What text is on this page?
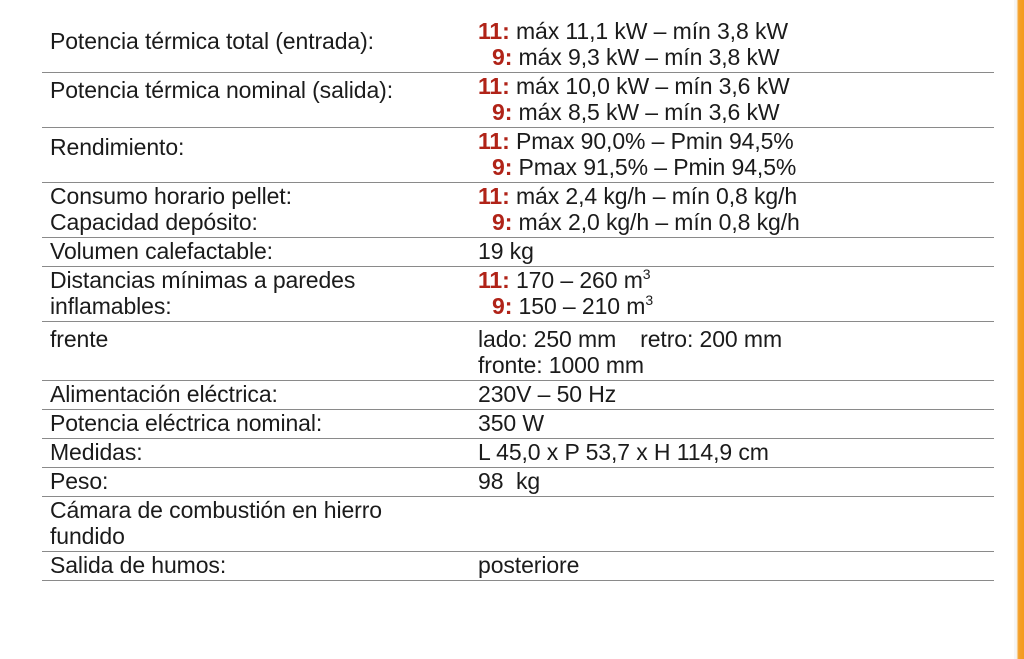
Potencia térmica total (entrada):	11: máx 11,1 kW – mín 3,8 kW
9: máx 9,3 kW – mín 3,8 kW

Potencia térmica nominal (salida):	11: máx 10,0 kW – mín 3,6 kW
9: máx 8,5 kW – mín 3,6 kW

Rendimiento:	11: Pmax 90,0% – Pmin 94,5%
9: Pmax 91,5% – Pmin 94,5%

Consumo horario pellet:
Capacidad depósito:	11: máx 2,4 kg/h – mín 0,8 kg/h
9: máx 2,0 kg/h – mín 0,8 kg/h

Volumen calefactable:	19 kg

Distancias mínimas a paredes
inflamables:	11: 170 – 260 $m^3$
9: 150 – 210 $m^3$

frente	lado: 250 mm retro: 200 mm
fronte: 1000 mm

Alimentación eléctrica:	230V – 50 Hz

Potencia eléctrica nominal:	350 W

Medidas:	L 45,0 x P 53,7 x H 114,9 cm

Peso:	98  kg

Cámara de combustión en hierro
fundido	

Salida de humos:	posteriore
